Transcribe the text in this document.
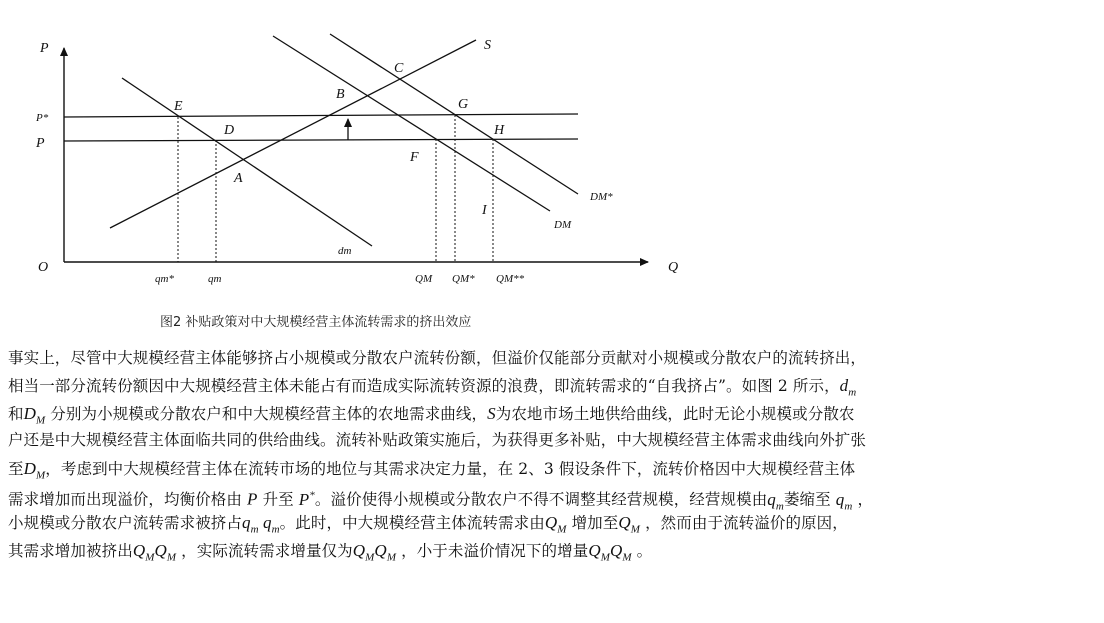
O
P
Q
P*
P
S
DM*
DM
dm
E
D
A
B
C
G
H
F
I
qm*	qm	QM QM* QM**
图2 补贴政策对中大规模经营主体流转需求的挤出效应
事实上，尽管中大规模经营主体能够挤占小规模或分散农户流转份额，但溢价仅能部分贡献对小规模或分散农户的流转挤出，
相当一部分流转份额因中大规模经营主体未能占有而造成实际流转资源的浪费，即流转需求的“自我挤占”。如图 2 所示，$d_m$
和$D_M$ 分别为小规模或分散农户和中大规模经营主体的农地需求曲线，S为农地市场土地供给曲线，此时无论小规模或分散农
户还是中大规模经营主体面临共同的供给曲线。流转补贴政策实施后，为获得更多补贴，中大规模经营主体需求曲线向外扩张
至$D_M$，考虑到中大规模经营主体在流转市场的地位与其需求决定力量，在 2、3 假设条件下，流转价格因中大规模经营主体
需求增加而出现溢价，均衡价格由 P 升至 P*。溢价使得小规模或分散农户不得不调整其经营规模，经营规模由$q_m$萎缩至 $q_m$ ，
小规模或分散农户流转需求被挤占$q_m$ $q_m$。此时，中大规模经营主体流转需求由$Q_M$ 增加至$Q_M$ ，然而由于流转溢价的原因，
其需求增加被挤出$Q_MQ_M$ ，实际流转需求增量仅为$Q_MQ_M$ ，小于未溢价情况下的增量$Q_MQ_M$ 。
